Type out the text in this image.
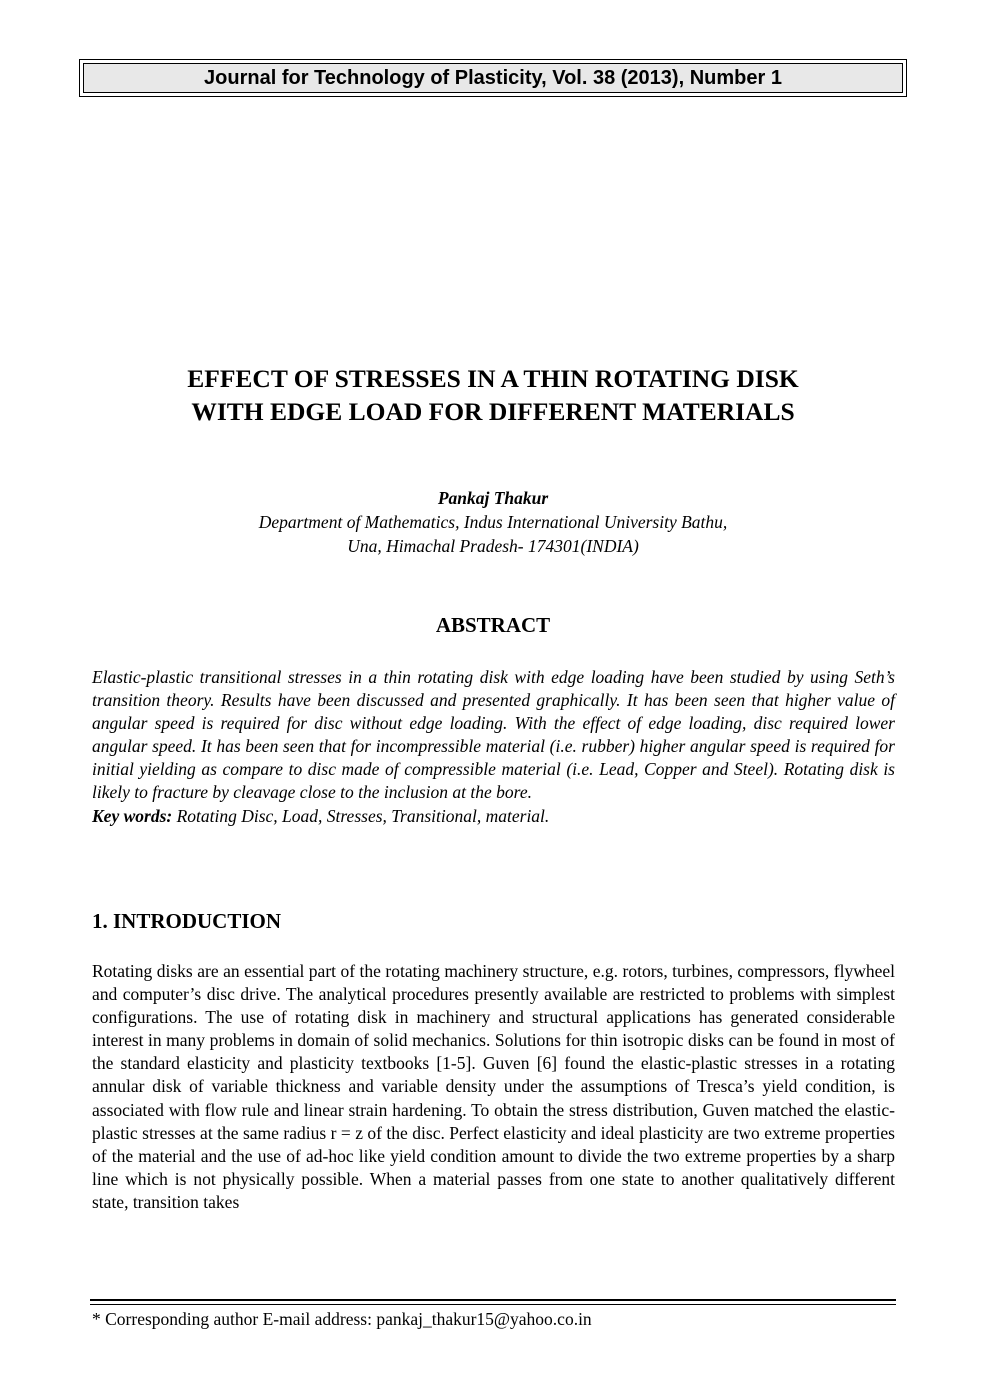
Journal for Technology of Plasticity, Vol. 38 (2013), Number 1
EFFECT OF STRESSES IN A THIN ROTATING DISK
WITH EDGE LOAD FOR DIFFERENT MATERIALS
Pankaj Thakur
Department of Mathematics, Indus International University Bathu,
Una, Himachal Pradesh- 174301(INDIA)
ABSTRACT

Elastic-plastic transitional stresses in a thin rotating disk with edge loading have been studied by using Seth’s transition theory. Results have been discussed and presented graphically. It has been seen that higher value of angular speed is required for disc without edge loading. With the effect of edge loading, disc required lower angular speed. It has been seen that for incompressible material (i.e. rubber) higher angular speed is required for initial yielding as compare to disc made of compressible material (i.e. Lead, Copper and Steel). Rotating disk is likely to fracture by cleavage close to the inclusion at the bore.

Key words: Rotating Disc, Load, Stresses, Transitional, material.
1. INTRODUCTION

Rotating disks are an essential part of the rotating machinery structure, e.g. rotors, turbines, compressors, flywheel and computer’s disc drive. The analytical procedures presently available are restricted to problems with simplest configurations. The use of rotating disk in machinery and structural applications has generated considerable interest in many problems in domain of solid mechanics. Solutions for thin isotropic disks can be found in most of the standard elasticity and plasticity textbooks [1-5]. Guven [6] found the elastic-plastic stresses in a rotating annular disk of variable thickness and variable density under the assumptions of Tresca’s yield condition, is associated with flow rule and linear strain hardening. To obtain the stress distribution, Guven matched the elastic-plastic stresses at the same radius r = z of the disc. Perfect elasticity and ideal plasticity are two extreme properties of the material and the use of ad-hoc like yield condition amount to divide the two extreme properties by a sharp line which is not physically possible. When a material passes from one state to another qualitatively different state, transition takes

* Corresponding author E-mail address: pankaj_thakur15@yahoo.co.in
